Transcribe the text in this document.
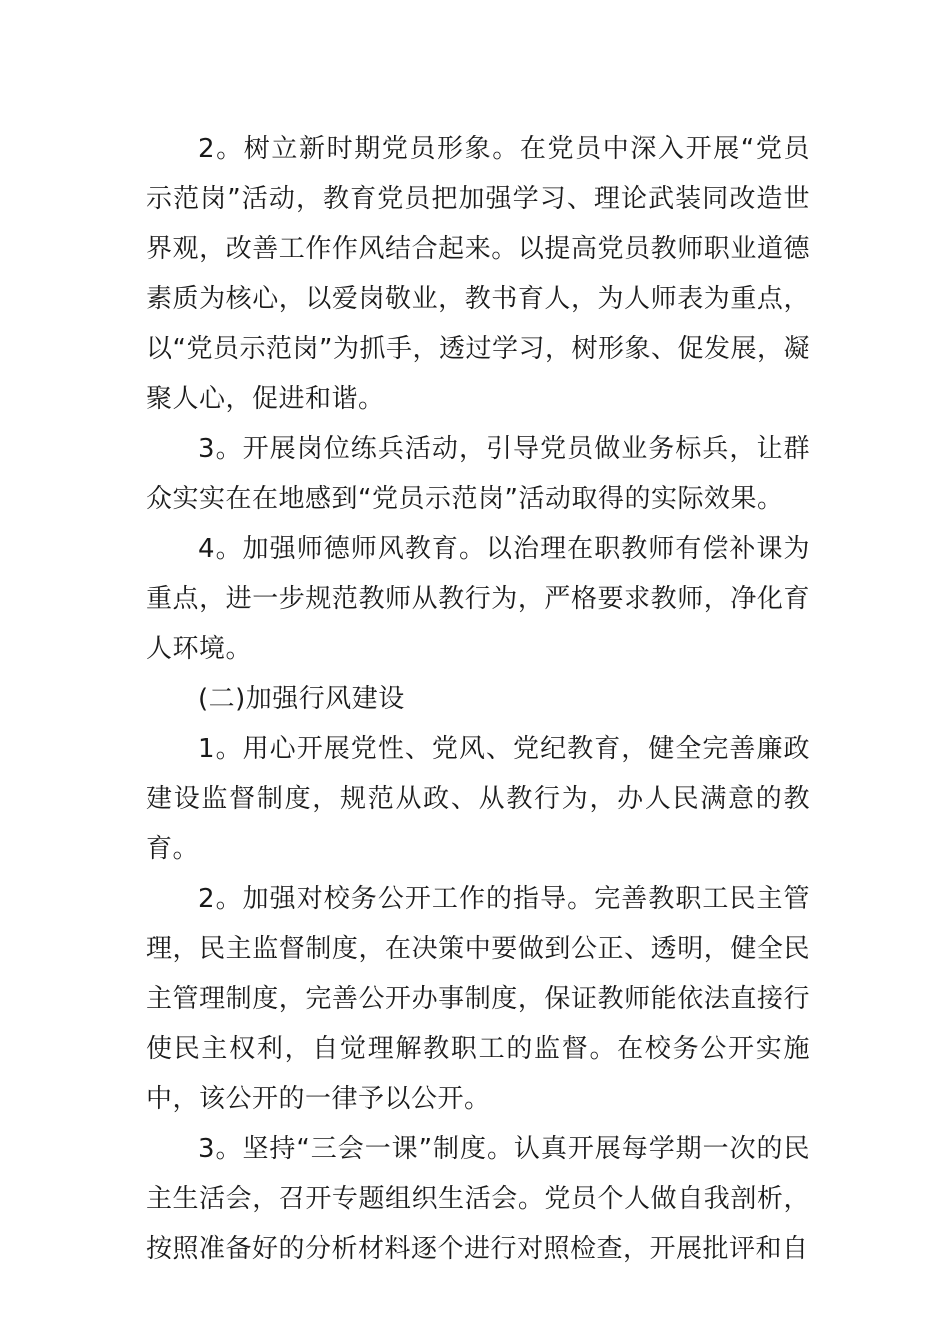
2。树立新时期党员形象。在党员中深入开展“党员示范岗”活动，教育党员把加强学习、理论武装同改造世界观，改善工作作风结合起来。以提高党员教师职业道德素质为核心，以爱岗敬业，教书育人，为人师表为重点，以“党员示范岗”为抓手，透过学习，树形象、促发展，凝聚人心，促进和谐。

3。开展岗位练兵活动，引导党员做业务标兵，让群众实实在在地感到“党员示范岗”活动取得的实际效果。

4。加强师德师风教育。以治理在职教师有偿补课为重点，进一步规范教师从教行为，严格要求教师，净化育人环境。

(二)加强行风建设

1。用心开展党性、党风、党纪教育，健全完善廉政建设监督制度，规范从政、从教行为，办人民满意的教育。

2。加强对校务公开工作的指导。完善教职工民主管理，民主监督制度，在决策中要做到公正、透明，健全民主管理制度，完善公开办事制度，保证教师能依法直接行使民主权利，自觉理解教职工的监督。在校务公开实施中，该公开的一律予以公开。

3。坚持“三会一课”制度。认真开展每学期一次的民主生活会，召开专题组织生活会。党员个人做自我剖析，按照准备好的分析材料逐个进行对照检查，开展批评和自
